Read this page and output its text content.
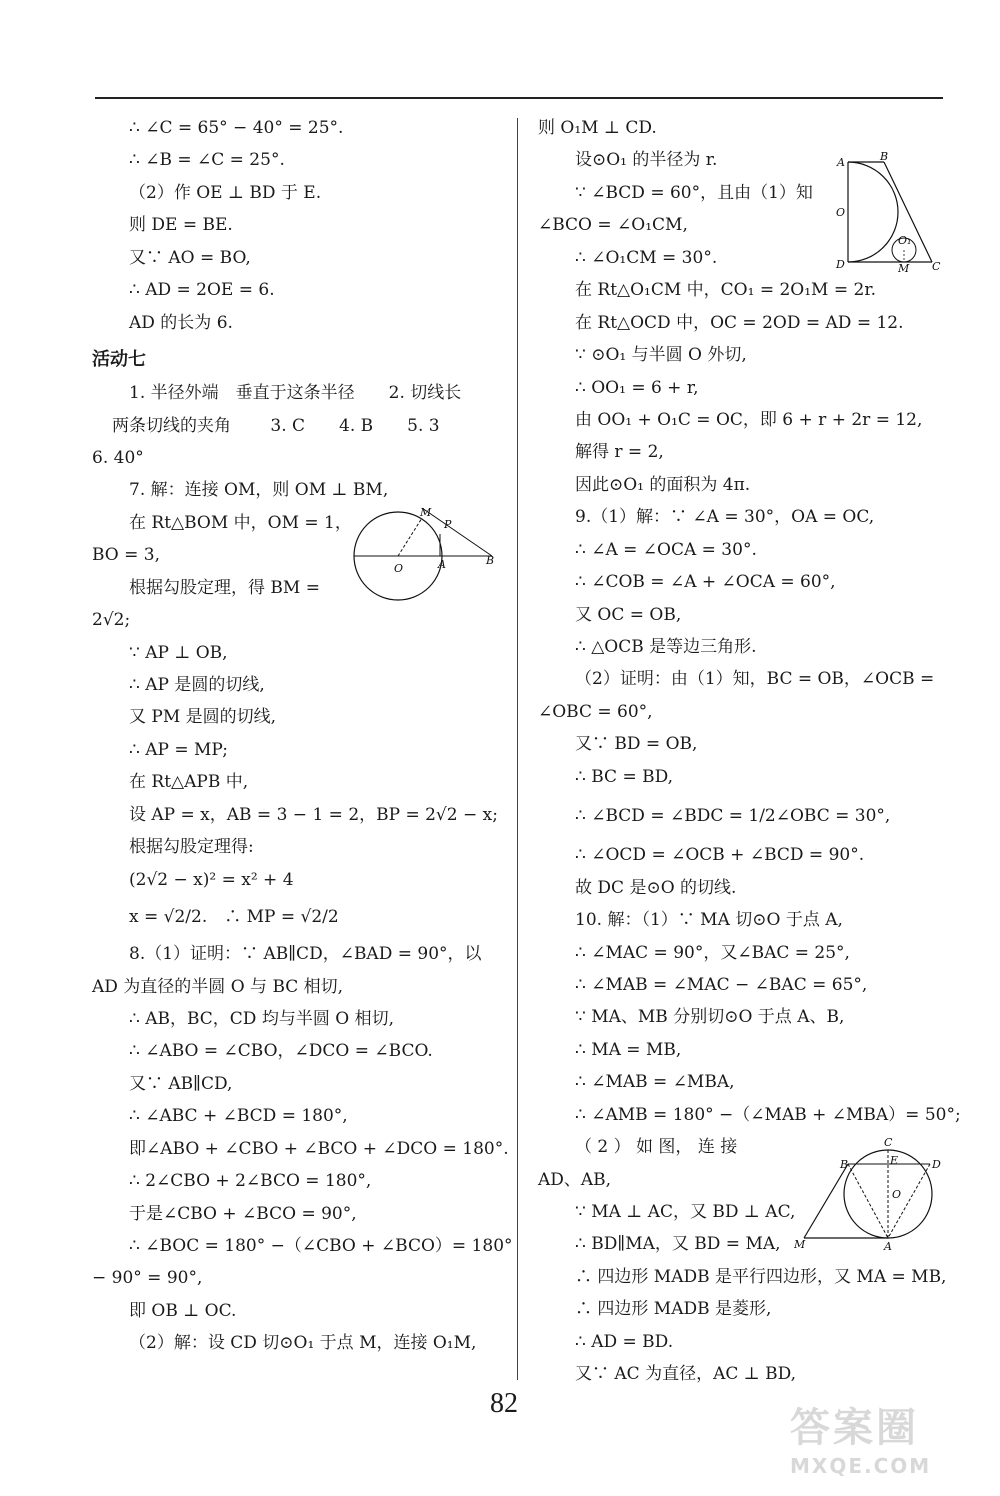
∴ ∠C = 65° − 40° = 25°.
∴ ∠B = ∠C = 25°.
（2）作 OE ⊥ BD 于 E.
则 DE = BE.
又∵ AO = BO,
∴ AD = 2OE = 6.
AD 的长为 6.
活动七
1. 半径外端　垂直于这条半径　　2. 切线长
两条切线的夹角　　 3. C　　4. B　　5. 3
6. 40°
7. 解：连接 OM，则 OM ⊥ BM,
在 Rt△BOM 中，OM = 1，
BO = 3,
根据勾股定理，得 BM =
2√2;
∵ AP ⊥ OB,
∴ AP 是圆的切线,
又 PM 是圆的切线,
∴ AP = MP;
在 Rt△APB 中,
设 AP = x，AB = 3 − 1 = 2，BP = 2√2 − x;
根据勾股定理得:
(2√2 − x)² = x² + 4
x = √2/2.　∴ MP = √2/2
8.（1）证明：∵ AB∥CD，∠BAD = 90°，以
AD 为直径的半圆 O 与 BC 相切,
∴ AB，BC，CD 均与半圆 O 相切,
∴ ∠ABO = ∠CBO，∠DCO = ∠BCO.
又∵ AB∥CD,
∴ ∠ABC + ∠BCD = 180°,
即∠ABO + ∠CBO + ∠BCO + ∠DCO = 180°.
∴ 2∠CBO + 2∠BCO = 180°,
于是∠CBO + ∠BCO = 90°,
∴ ∠BOC = 180° −（∠CBO + ∠BCO）= 180°
− 90° = 90°,
即 OB ⊥ OC.
（2）解：设 CD 切⊙O₁ 于点 M，连接 O₁M,
则 O₁M ⊥ CD.
设⊙O₁ 的半径为 r.
∵ ∠BCD = 60°，且由（1）知
∠BCO = ∠O₁CM,
∴ ∠O₁CM = 30°.
在 Rt△O₁CM 中，CO₁ = 2O₁M = 2r.
在 Rt△OCD 中，OC = 2OD = AD = 12.
∵ ⊙O₁ 与半圆 O 外切,
∴ OO₁ = 6 + r,
由 OO₁ + O₁C = OC，即 6 + r + 2r = 12,
解得 r = 2,
因此⊙O₁ 的面积为 4π.
9.（1）解：∵ ∠A = 30°，OA = OC,
∴ ∠A = ∠OCA = 30°.
∴ ∠COB = ∠A + ∠OCA = 60°,
又 OC = OB,
∴ △OCB 是等边三角形.
（2）证明：由（1）知，BC = OB，∠OCB =
∠OBC = 60°,
又∵ BD = OB,
∴ BC = BD,
∴ ∠BCD = ∠BDC = 1/2∠OBC = 30°,
∴ ∠OCD = ∠OCB + ∠BCD = 90°.
故 DC 是⊙O 的切线.
10. 解：（1）∵ MA 切⊙O 于点 A,
∴ ∠MAC = 90°，又∠BAC = 25°,
∴ ∠MAB = ∠MAC − ∠BAC = 65°,
∵ MA、MB 分别切⊙O 于点 A、B,
∴ MA = MB,
∴ ∠MAB = ∠MBA,
∴ ∠AMB = 180° −（∠MAB + ∠MBA）= 50°;
（ 2 ） 如 图， 连 接
AD、AB,
∵ MA ⊥ AC，又 BD ⊥ AC,
∴ BD∥MA，又 BD = MA,
∴ 四边形 MADB 是平行四边形，又 MA = MB,
∴ 四边形 MADB 是菱形,
∴ AD = BD.
又∵ AC 为直径，AC ⊥ BD,
M
P
O	A	B
A	B
O
O₁
D	M C
C
B	E	D
O
M	A
82
答案圈
MXQE.COM
